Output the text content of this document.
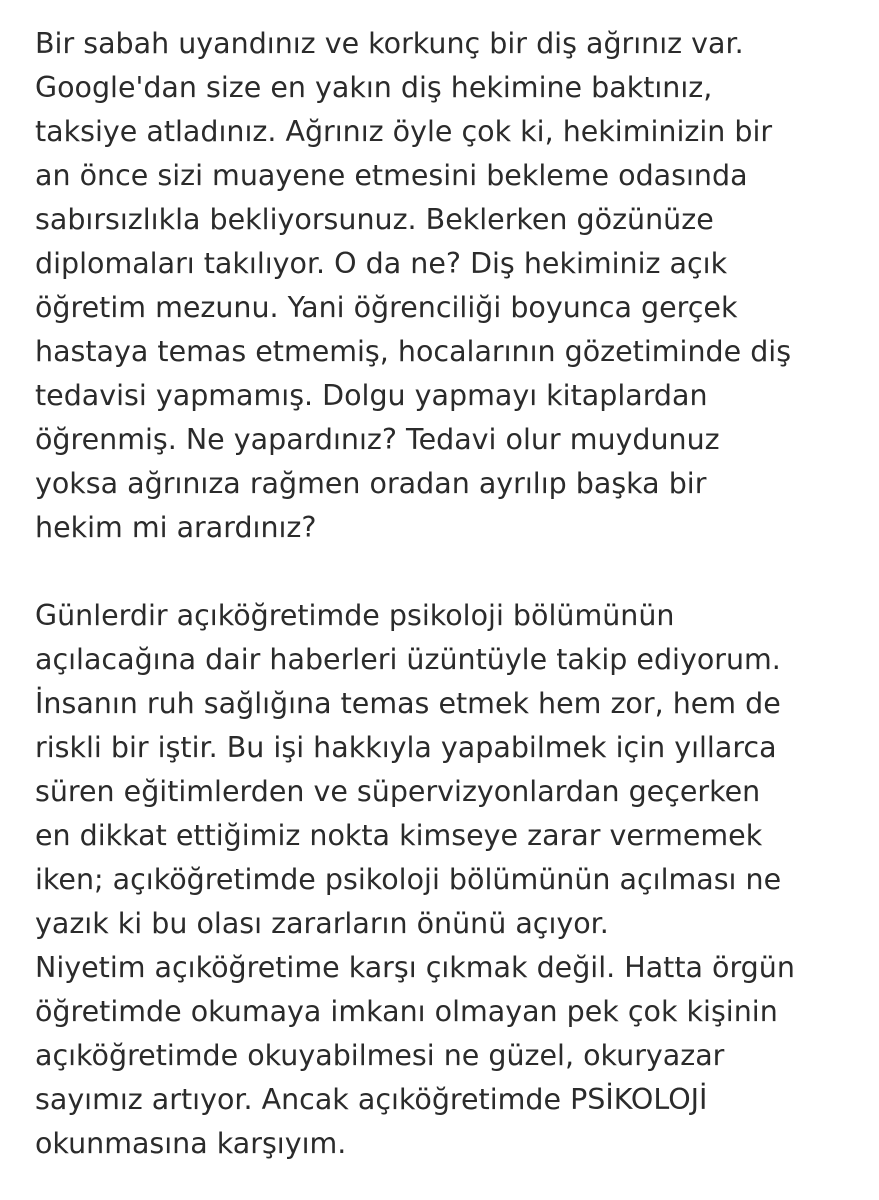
Bir sabah uyandınız ve korkunç bir diş ağrınız var.
Google'dan size en yakın diş hekimine baktınız,
taksiye atladınız. Ağrınız öyle çok ki, hekiminizin bir
an önce sizi muayene etmesini bekleme odasında
sabırsızlıkla bekliyorsunuz. Beklerken gözünüze
diplomaları takılıyor. O da ne? Diş hekiminiz açık
öğretim mezunu. Yani öğrenciliği boyunca gerçek
hastaya temas etmemiş, hocalarının gözetiminde diş
tedavisi yapmamış. Dolgu yapmayı kitaplardan
öğrenmiş. Ne yapardınız? Tedavi olur muydunuz
yoksa ağrınıza rağmen oradan ayrılıp başka bir
hekim mi arardınız?
Günlerdir açıköğretimde psikoloji bölümünün
açılacağına dair haberleri üzüntüyle takip ediyorum.
İnsanın ruh sağlığına temas etmek hem zor, hem de
riskli bir iştir. Bu işi hakkıyla yapabilmek için yıllarca
süren eğitimlerden ve süpervizyonlardan geçerken
en dikkat ettiğimiz nokta kimseye zarar vermemek
iken; açıköğretimde psikoloji bölümünün açılması ne
yazık ki bu olası zararların önünü açıyor.
Niyetim açıköğretime karşı çıkmak değil. Hatta örgün
öğretimde okumaya imkanı olmayan pek çok kişinin
açıköğretimde okuyabilmesi ne güzel, okuryazar
sayımız artıyor. Ancak açıköğretimde PSİKOLOJİ
okunmasına karşıyım.
